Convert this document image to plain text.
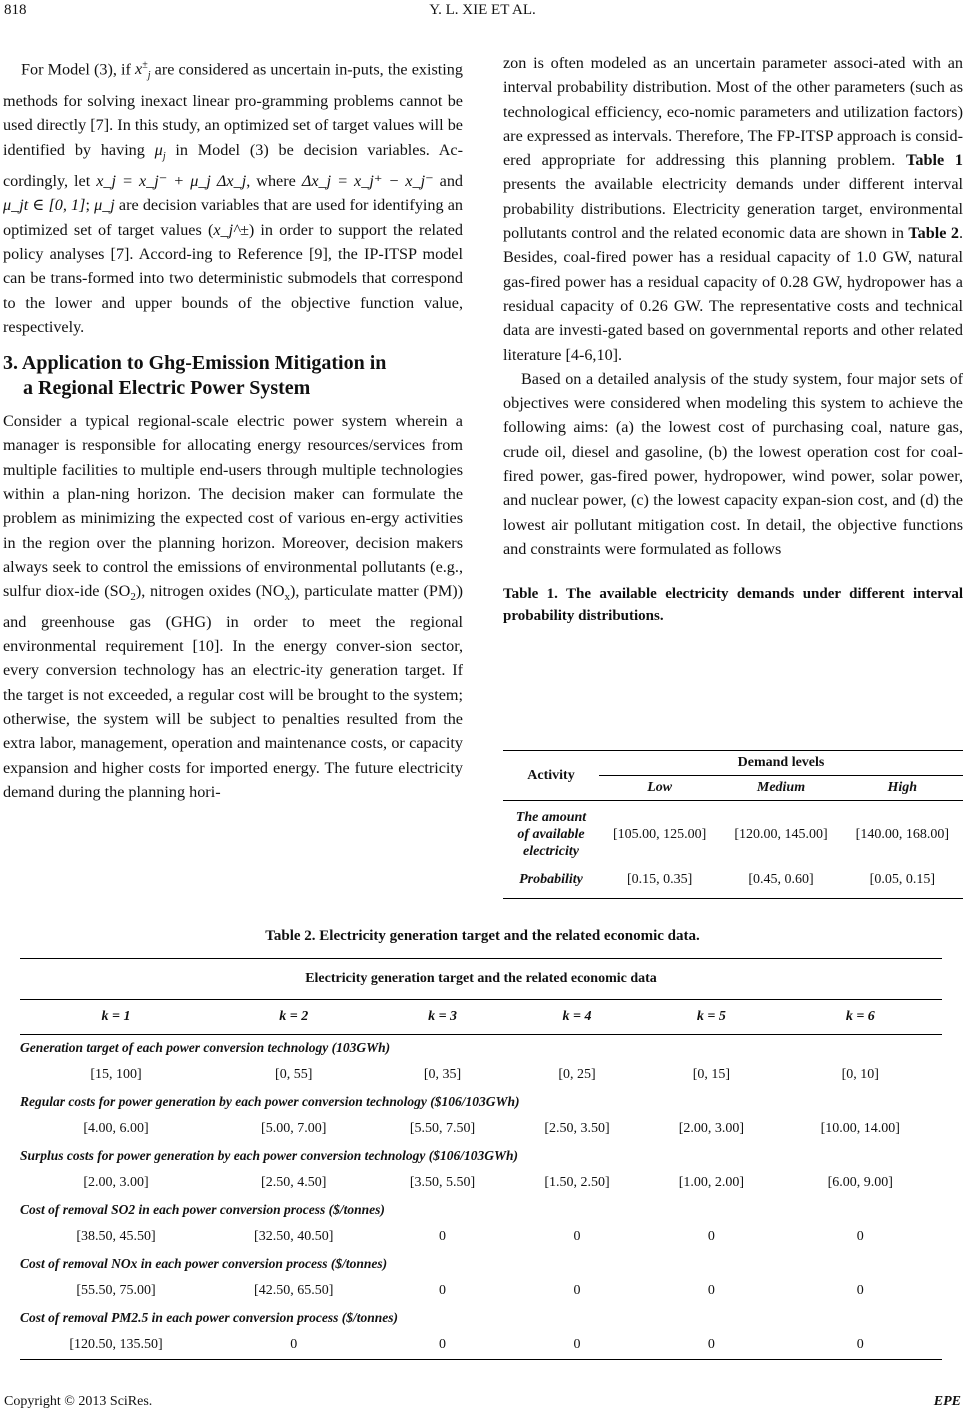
818	Y. L. XIE ET AL.

For Model (3), if $x^\pm_j$ are considered as uncertain in-puts, the existing methods for solving inexact linear pro-gramming problems cannot be used directly [7]. In this study, an optimized set of target values will be identified by having $\mu_j$ in Model (3) be decision variables. Ac-cordingly, let x_j = x_j⁻ + μ_j Δx_j, where Δx_j = x_j⁺ − x_j⁻ and μ_jt ∈ [0, 1]; μ_j are decision variables that are used for identifying an optimized set of target values (x_j^±) in order to support the related policy analyses [7]. Accord-ing to Reference [9], the IP-ITSP model can be trans-formed into two deterministic submodels that correspond to the lower and upper bounds of the objective function value, respectively.

3. Application to Ghg-Emission Mitigation in
a Regional Electric Power System

Consider a typical regional-scale electric power system wherein a manager is responsible for allocating energy resources/services from multiple facilities to multiple end-users through multiple technologies within a plan-ning horizon. The decision maker can formulate the problem as minimizing the expected cost of various en-ergy activities in the region over the planning horizon. Moreover, decision makers always seek to control the emissions of environmental pollutants (e.g., sulfur diox-ide $(SO_2)$, nitrogen oxides $(NO_x)$, particulate matter (PM)) and greenhouse gas (GHG) in order to meet the regional environmental requirement [10]. In the energy conver-sion sector, every conversion technology has an electric-ity generation target. If the target is not exceeded, a regular cost will be brought to the system; otherwise, the system will be subject to penalties resulted from the extra labor, management, operation and maintenance costs, or capacity expansion and higher costs for imported energy. The future electricity demand during the planning hori-

zon is often modeled as an uncertain parameter associ-ated with an interval probability distribution. Most of the other parameters (such as technological efficiency, eco-nomic parameters and utilization factors) are expressed as intervals. Therefore, The FP-ITSP approach is consid-ered appropriate for addressing this planning problem. Table 1 presents the available electricity demands under different interval probability distributions. Electricity generation target, environmental pollutants control and the related economic data are shown in Table 2. Besides, coal-fired power has a residual capacity of 1.0 GW, natural gas-fired power has a residual capacity of 0.28 GW, hydropower has a residual capacity of 0.26 GW. The representative costs and technical data are investi-gated based on governmental reports and other related literature [4-6,10].

Based on a detailed analysis of the study system, four major sets of objectives were considered when modeling this system to achieve the following aims: (a) the lowest cost of purchasing coal, nature gas, crude oil, diesel and gasoline, (b) the lowest operation cost for coal-fired power, gas-fired power, hydropower, wind power, solar power, and nuclear power, (c) the lowest capacity expan-sion cost, and (d) the lowest air pollutant mitigation cost. In detail, the objective functions and constraints were formulated as follows

Table 1. The available electricity demands under different interval probability distributions.
Activity	Demand levels		
	Low	Medium	High
The amount
of available
electricity	[105.00, 125.00]	[120.00, 145.00]	[140.00, 168.00]
Probability	[0.15, 0.35]	[0.45, 0.60]	[0.05, 0.15]
Table 2. Electricity generation target and the related economic data.
Electricity generation target and the related economic data					
k = 1	k = 2	k = 3	k = 4	k = 5	k = 6
Generation target of each power conversion technology (103GWh)					
[15, 100]	[0, 55]	[0, 35]	[0, 25]	[0, 15]	[0, 10]
Regular costs for power generation by each power conversion technology ($106/103GWh)					
[4.00, 6.00]	[5.00, 7.00]	[5.50, 7.50]	[2.50, 3.50]	[2.00, 3.00]	[10.00, 14.00]
Surplus costs for power generation by each power conversion technology ($106/103GWh)					
[2.00, 3.00]	[2.50, 4.50]	[3.50, 5.50]	[1.50, 2.50]	[1.00, 2.00]	[6.00, 9.00]
Cost of removal SO2 in each power conversion process ($/tonnes)					
[38.50, 45.50]	[32.50, 40.50]	0	0	0	0
Cost of removal NOx in each power conversion process ($/tonnes)					
[55.50, 75.00]	[42.50, 65.50]	0	0	0	0
Cost of removal PM2.5 in each power conversion process ($/tonnes)					
[120.50, 135.50]	0	0	0	0	0
Copyright © 2013 SciRes.	EPE
